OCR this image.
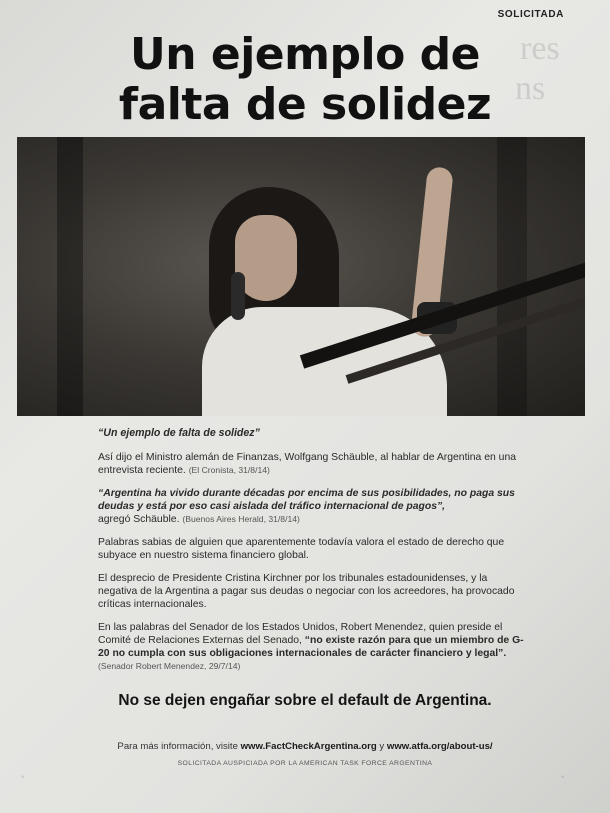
res
ns
.	.
SOLICITADA
Un ejemplo de
falta de solidez

“Un ejemplo de falta de solidez”

Así dijo el Ministro alemán de Finanzas, Wolfgang Schäuble, al hablar de Argentina en una entrevista reciente. (El Cronista, 31/8/14)

“Argentina ha vivido durante décadas por encima de sus posibilidades, no paga sus deudas y está por eso casi aislada del tráfico internacional de pagos”,
agregó Schäuble. (Buenos Aires Herald, 31/8/14)

Palabras sabias de alguien que aparentemente todavía valora el estado de derecho que subyace en nuestro sistema financiero global.

El desprecio de Presidente Cristina Kirchner por los tribunales estadounidenses, y la negativa de la Argentina a pagar sus deudas o negociar con los acreedores, ha provocado críticas internacionales.

En las palabras del Senador de los Estados Unidos, Robert Menendez, quien preside el Comité de Relaciones Externas del Senado, “no existe razón para que un miembro de G-20 no cumpla con sus obligaciones internacionales de carácter financiero y legal”. (Senador Robert Menendez, 29/7/14)

No se dejen engañar sobre el default de Argentina.
Para más información, visite www.FactCheckArgentina.org y www.atfa.org/about-us/
SOLICITADA AUSPICIADA POR LA AMERICAN TASK FORCE ARGENTINA
